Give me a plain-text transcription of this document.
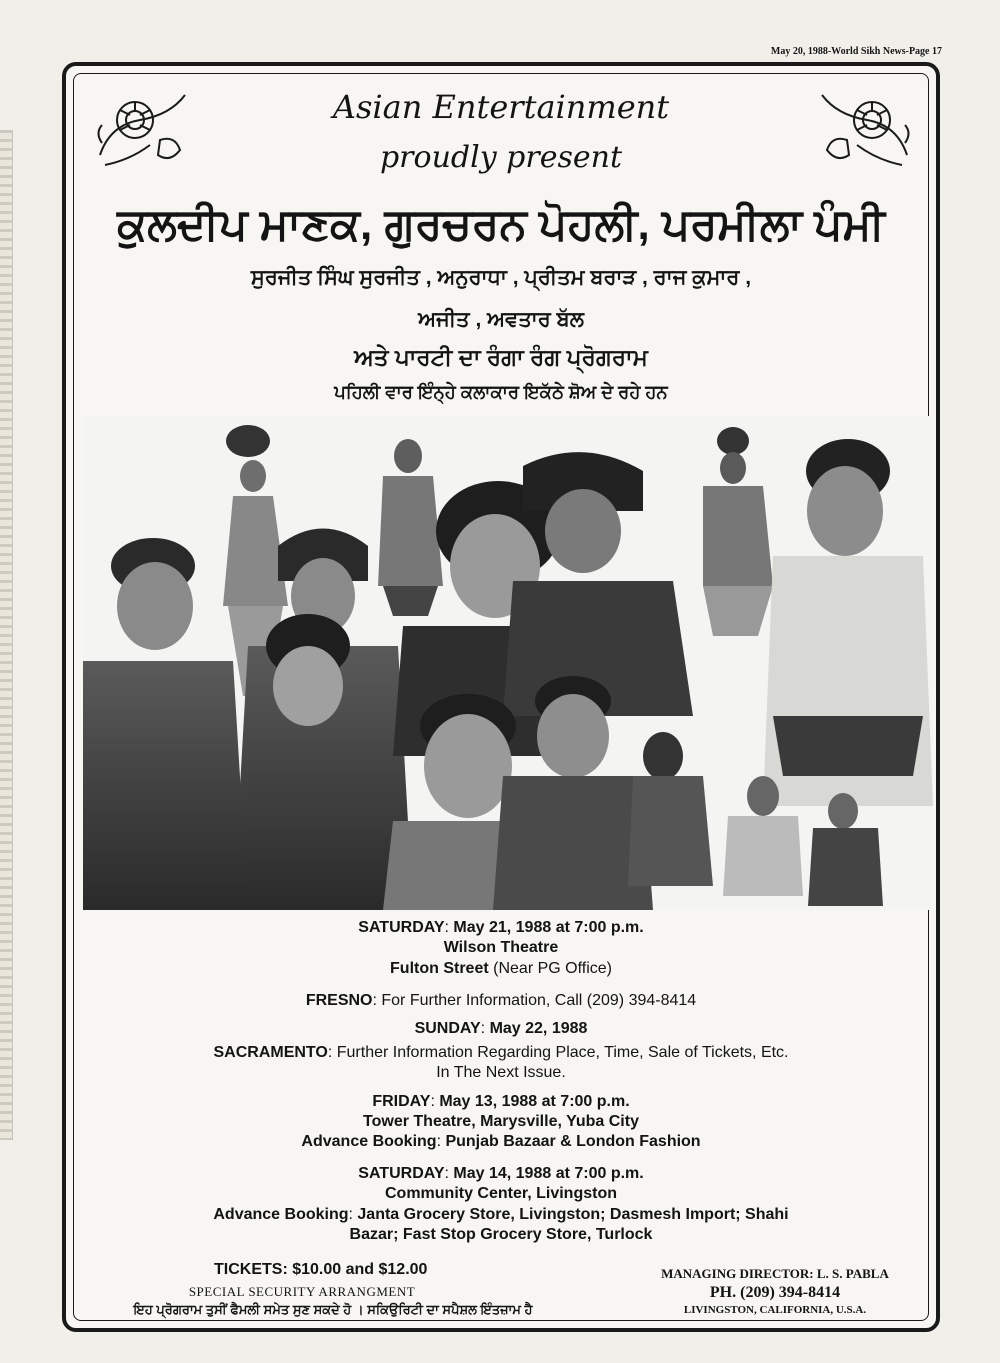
May 20, 1988-World Sikh News-Page 17
Asian Entertainment
proudly present
ਕੁਲਦੀਪ ਮਾਣਕ, ਗੁਰਚਰਨ ਪੋਹਲੀ, ਪਰਮੀਲਾ ਪੰਮੀ
ਸੁਰਜੀਤ ਸਿੰਘ ਸੁਰਜੀਤ , ਅਨੁਰਾਧਾ , ਪ੍ਰੀਤਮ ਬਰਾੜ , ਰਾਜ ਕੁਮਾਰ ,
ਅਜੀਤ , ਅਵਤਾਰ ਬੱਲ
ਅਤੇ ਪਾਰਟੀ ਦਾ ਰੰਗਾ ਰੰਗ ਪ੍ਰੋਗਰਾਮ
ਪਹਿਲੀ ਵਾਰ ਇੰਨ੍ਹੇ ਕਲਾਕਾਰ ਇਕੱਠੇ ਸ਼ੋਅ ਦੇ ਰਹੇ ਹਨ
SATURDAY: May 21, 1988 at 7:00 p.m.
Wilson Theatre
Fulton Street (Near PG Office)
FRESNO: For Further Information, Call (209) 394-8414
SUNDAY: May 22, 1988
SACRAMENTO: Further Information Regarding Place, Time, Sale of Tickets, Etc.
In The Next Issue.
FRIDAY: May 13, 1988 at 7:00 p.m.
Tower Theatre, Marysville, Yuba City
Advance Booking: Punjab Bazaar & London Fashion
SATURDAY: May 14, 1988 at 7:00 p.m.
Community Center, Livingston
Advance Booking: Janta Grocery Store, Livingston; Dasmesh Import; Shahi
Bazar; Fast Stop Grocery Store, Turlock
TICKETS: $10.00 and $12.00
SPECIAL SECURITY ARRANGMENT
ਇਹ ਪ੍ਰੋਗਰਾਮ ਤੁਸੀਂ ਫੈਮਲੀ ਸਮੇਤ ਸੁਣ ਸਕਦੇ ਹੋ । ਸਕਿਉਰਿਟੀ ਦਾ ਸਪੈਸ਼ਲ ਇੰਤਜ਼ਾਮ ਹੈ
MANAGING DIRECTOR: L. S. PABLA
PH. (209) 394-8414
LIVINGSTON, CALIFORNIA, U.S.A.
